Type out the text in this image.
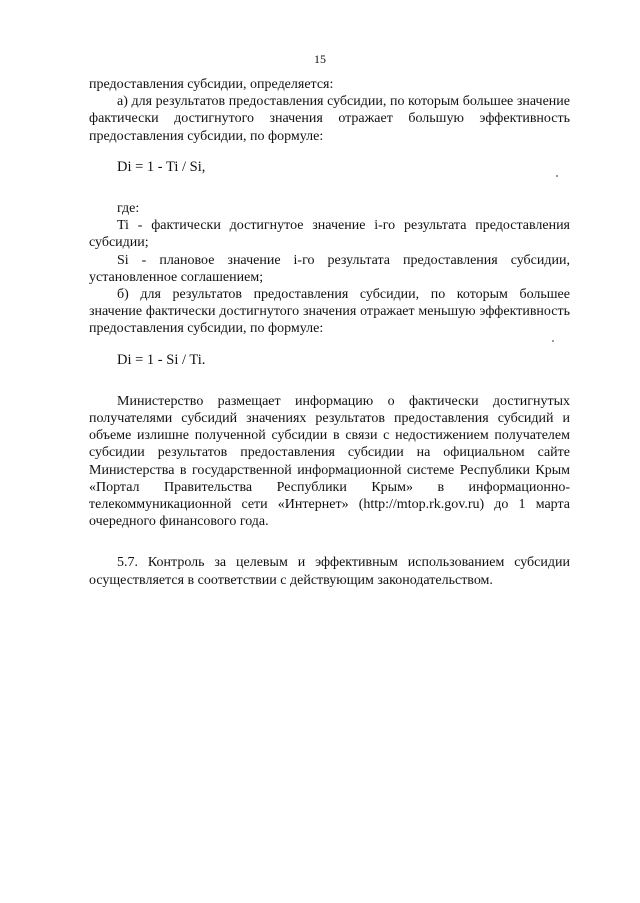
15

предоставления субсидии, определяется:

а) для результатов предоставления субсидии, по которым большее значение фактически достигнутого значения отражает большую эффективность предоставления субсидии, по формуле:

Di = 1 - Ti / Si,

где:

Ti - фактически достигнутое значение i-го результата предоставления субсидии;

Si - плановое значение i-го результата предоставления субсидии, установленное соглашением;

б) для результатов предоставления субсидии, по которым большее значение фактически достигнутого значения отражает меньшую эффективность предоставления субсидии, по формуле:

Di = 1 - Si / Ti.

Министерство размещает информацию о фактически достигнутых получателями субсидий значениях результатов предоставления субсидий и объеме излишне полученной субсидии в связи с недостижением получателем субсидии результатов предоставления субсидии на официальном сайте Министерства в государственной информационной системе Республики Крым «Портал Правительства Республики Крым» в информационно-телекоммуникационной сети «Интернет» (http://mtop.rk.gov.ru) до 1 марта очередного финансового года.

5.7. Контроль за целевым и эффективным использованием субсидии осуществляется в соответствии с действующим законодательством.
